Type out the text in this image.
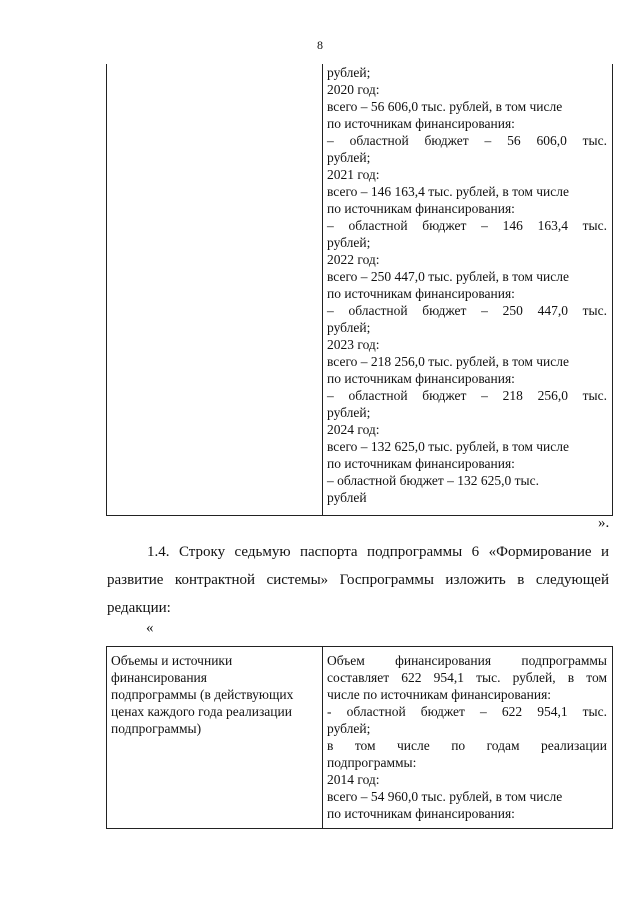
8
рублей;
2020 год:
всего – 56 606,0 тыс. рублей, в том числе
по источникам финансирования:
– областной бюджет – 56 606,0 тыс.
рублей;
2021 год:
всего – 146 163,4 тыс. рублей, в том числе
по источникам финансирования:
– областной бюджет – 146 163,4 тыс.
рублей;
2022 год:
всего – 250 447,0 тыс. рублей, в том числе
по источникам финансирования:
– областной бюджет – 250 447,0 тыс.
рублей;
2023 год:
всего – 218 256,0 тыс. рублей, в том числе
по источникам финансирования:
– областной бюджет – 218 256,0 тыс.
рублей;
2024 год:
всего – 132 625,0 тыс. рублей, в том числе
по источникам финансирования:
– областной бюджет – 132 625,0 тыс.
рублей
».
1.4. Строку седьмую паспорта подпрограммы 6 «Формирование и
развитие контрактной системы» Госпрограммы изложить в следующей
редакции:
«
Объемы и источники
финансирования
подпрограммы (в действующих
ценах каждого года реализации
подпрограммы)
Объем финансирования подпрограммы
составляет 622 954,1 тыс. рублей, в том
числе по источникам финансирования:
- областной бюджет – 622 954,1 тыс.
рублей;
в том числе по годам реализации
подпрограммы:
2014 год:
всего – 54 960,0 тыс. рублей, в том числе
по источникам финансирования:
